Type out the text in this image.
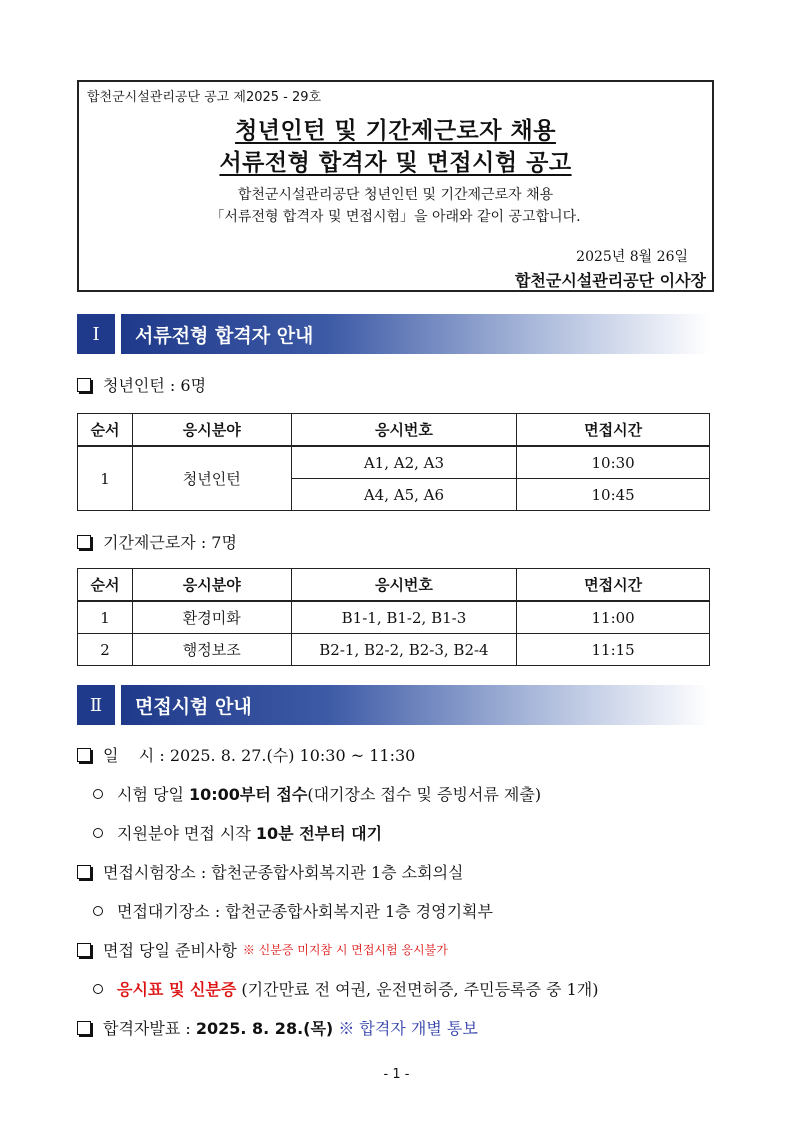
합천군시설관리공단 공고 제2025 - 29호
청년인턴 및 기간제근로자 채용
서류전형 합격자 및 면접시험 공고
합천군시설관리공단 청년인턴 및 기간제근로자 채용
「서류전형 합격자 및 면접시험」을 아래와 같이 공고합니다.
2025년 8월 26일
합천군시설관리공단 이사장
Ⅰ	서류전형 합격자 안내
청년인턴 : 6명
순서	응시분야	응시번호	면접시간
1	청년인턴	A1, A2, A3	10:30
		A4, A5, A6	10:45
기간제근로자 : 7명
순서	응시분야	응시번호	면접시간
1	환경미화	B1-1, B1-2, B1-3	11:00
2	행정보조	B2-1, B2-2, B2-3, B2-4	11:15
Ⅱ	면접시험 안내
일    시 : 2025. 8. 27.(수) 10:30 ~ 11:30
시험 당일 10:00부터 접수 (대기장소 접수 및 증빙서류 제출)
지원분야 면접 시작 10분 전부터 대기
면접시험장소 : 합천군종합사회복지관 1층 소회의실
면접대기장소 : 합천군종합사회복지관 1층 경영기획부
면접 당일 준비사항 ※ 신분증 미지참 시 면접시험 응시불가
응시표 및 신분증 (기간만료 전 여권, 운전면허증, 주민등록증 중 1개)
합격자발표 : 2025. 8. 28.(목) ※ 합격자 개별 통보
- 1 -
